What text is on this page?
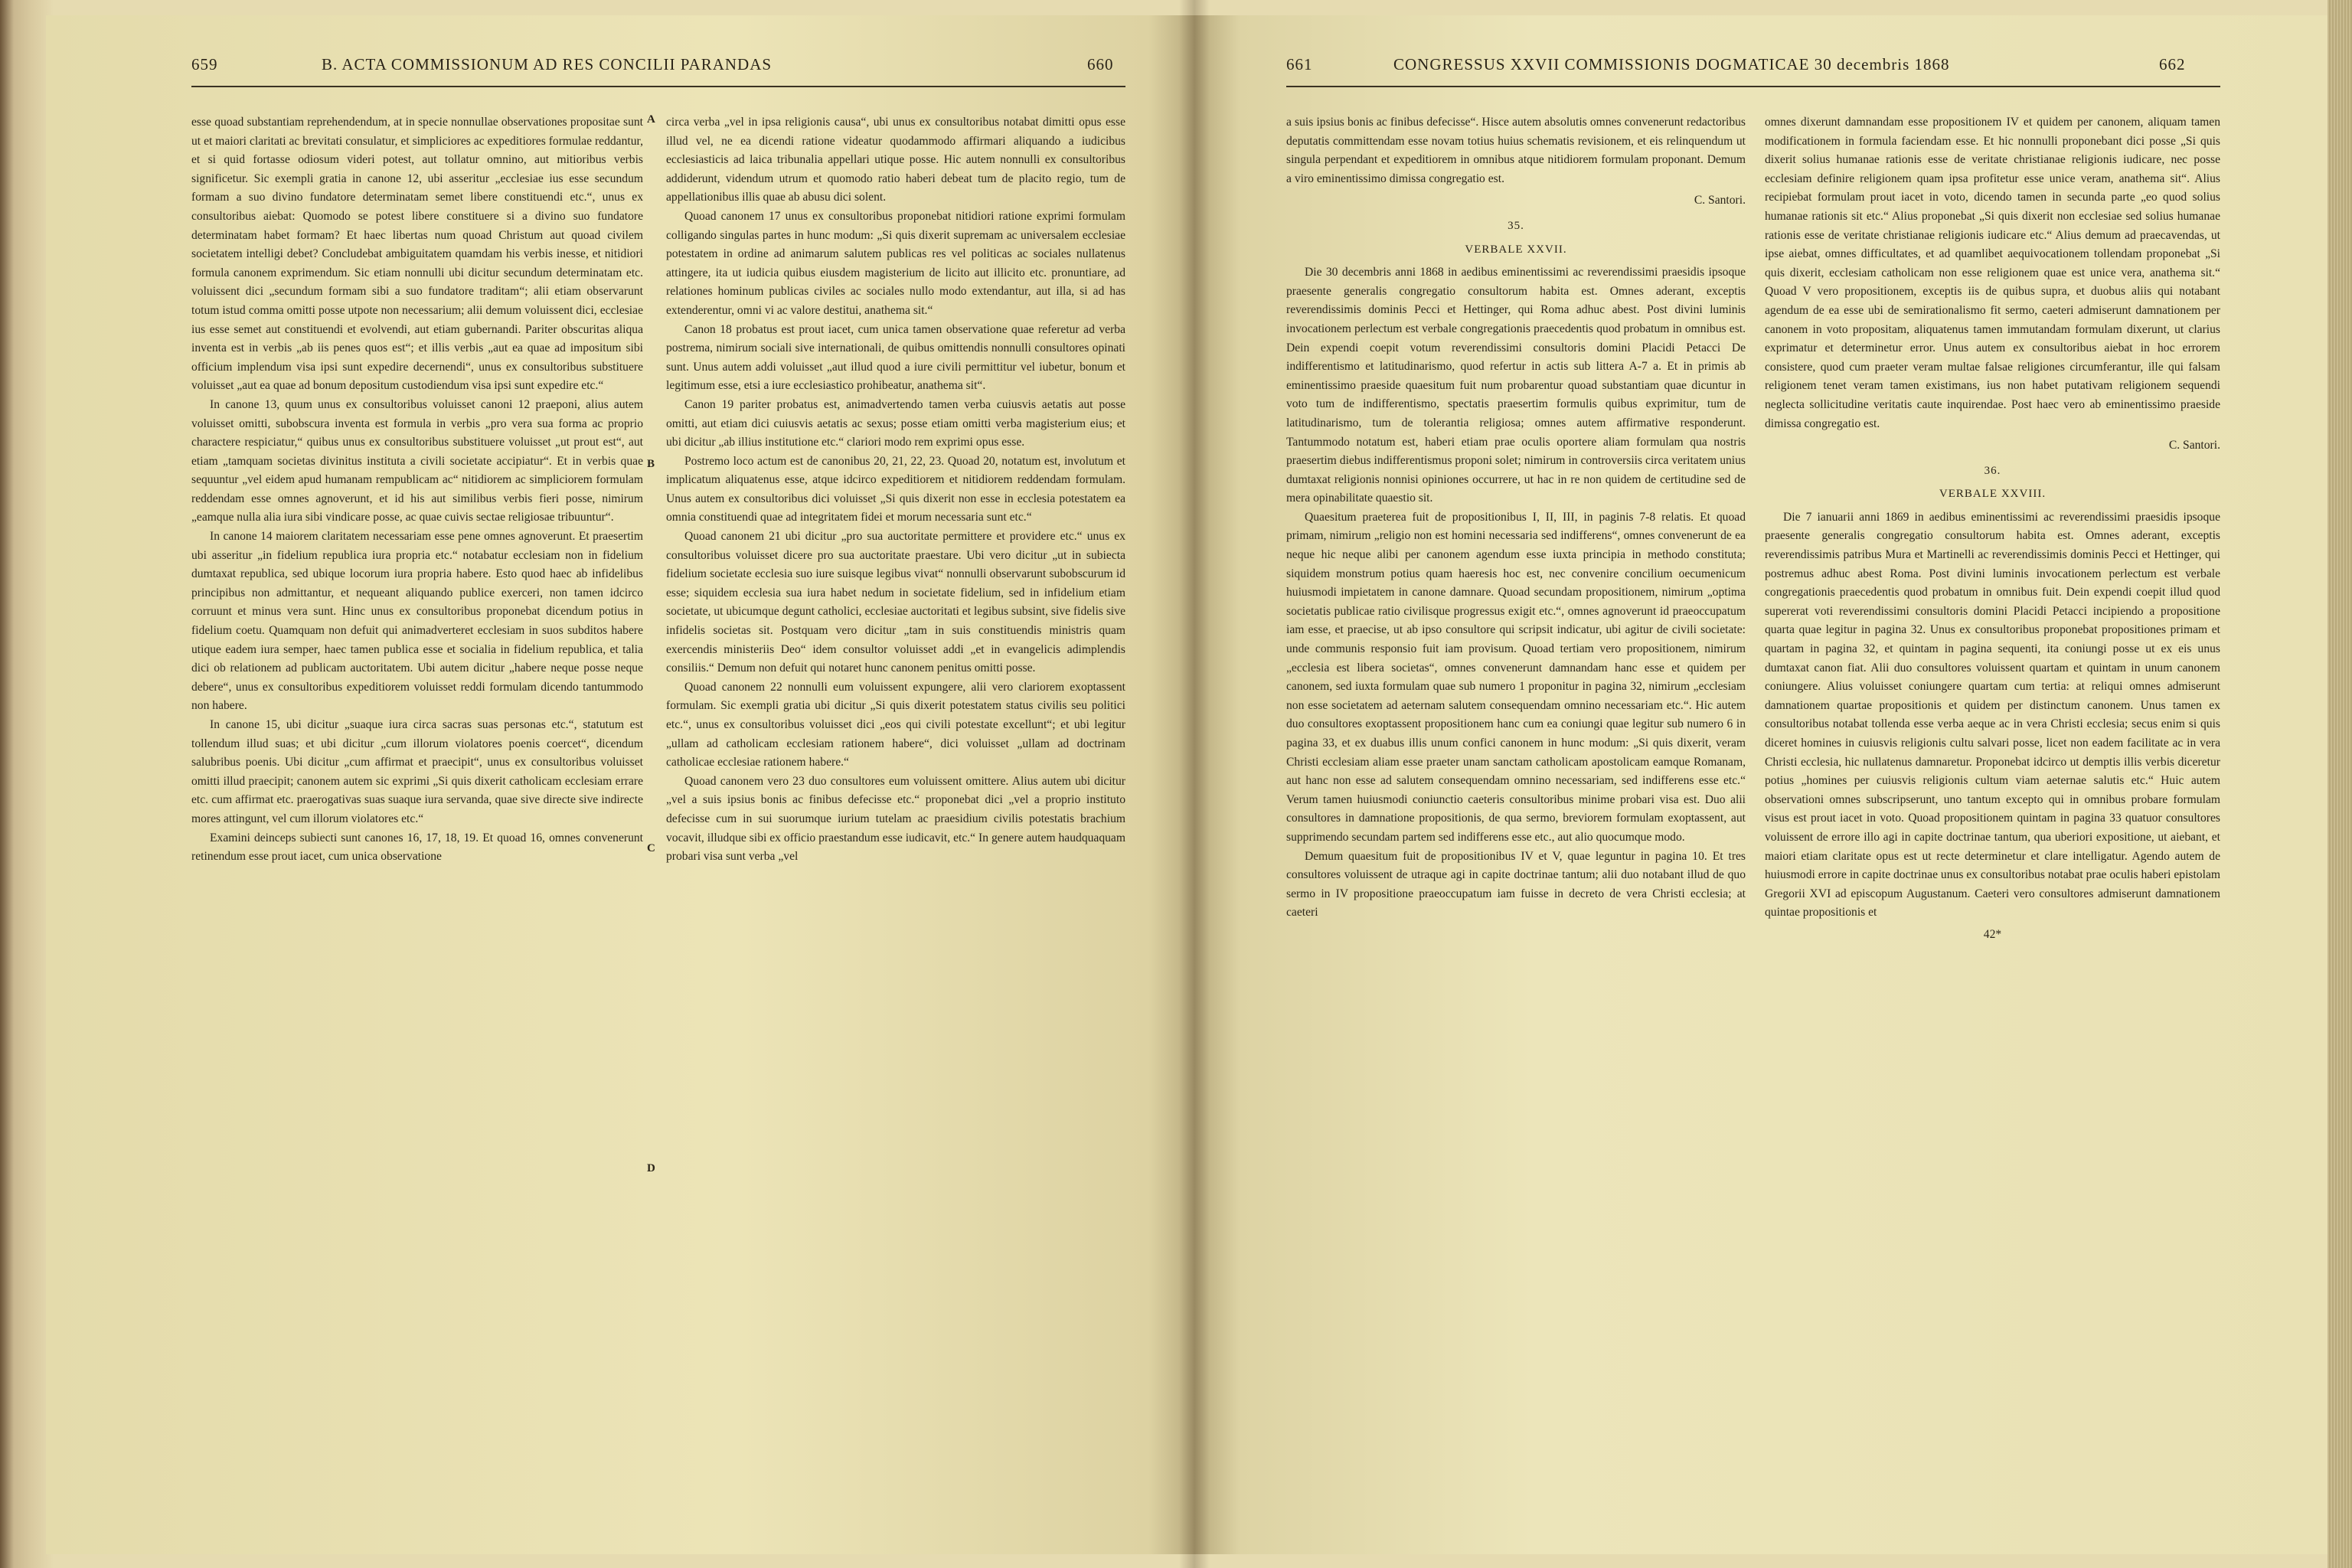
659	B. ACTA COMMISSIONUM AD RES CONCILII PARANDAS	660

esse quoad substantiam reprehendendum, at in specie nonnullae observationes propositae sunt ut et maiori claritati ac brevitati consulatur, et simpliciores ac expeditiores formulae reddantur, et si quid fortasse odiosum videri potest, aut tollatur omnino, aut mitioribus verbis significetur. Sic exempli gratia in canone 12, ubi asseritur „ecclesiae ius esse secundum formam a suo divino fundatore determinatam semet libere constituendi etc.“, unus ex consultoribus aiebat: Quomodo se potest libere constituere si a divino suo fundatore determinatam habet formam? Et haec libertas num quoad Christum aut quoad civilem societatem intelligi debet? Concludebat ambiguitatem quamdam his verbis inesse, et nitidiori formula canonem exprimendum. Sic etiam nonnulli ubi dicitur secundum determinatam etc. voluissent dici „secundum formam sibi a suo fundatore traditam“; alii etiam observarunt totum istud comma omitti posse utpote non necessarium; alii demum voluissent dici, ecclesiae ius esse semet aut constituendi et evolvendi, aut etiam gubernandi. Pariter obscuritas aliqua inventa est in verbis „ab iis penes quos est“; et illis verbis „aut ea quae ad impositum sibi officium implendum visa ipsi sunt expedire decernendi“, unus ex consultoribus substituere voluisset „aut ea quae ad bonum depositum custodiendum visa ipsi sunt expedire etc.“

In canone 13, quum unus ex consultoribus voluisset canoni 12 praeponi, alius autem voluisset omitti, subobscura inventa est formula in verbis „pro vera sua forma ac proprio charactere respiciatur,“ quibus unus ex consultoribus substituere voluisset „ut prout est“, aut etiam „tamquam societas divinitus instituta a civili societate accipiatur“. Et in verbis quae sequuntur „vel eidem apud humanam rempublicam ac“ nitidiorem ac simpliciorem formulam reddendam esse omnes agnoverunt, et id his aut similibus verbis fieri posse, nimirum „eamque nulla alia iura sibi vindicare posse, ac quae cuivis sectae religiosae tribuuntur“.

In canone 14 maiorem claritatem necessariam esse pene omnes agnoverunt. Et praesertim ubi asseritur „in fidelium republica iura propria etc.“ notabatur ecclesiam non in fidelium dumtaxat republica, sed ubique locorum iura propria habere. Esto quod haec ab infidelibus principibus non admittantur, et nequeant aliquando publice exerceri, non tamen idcirco corruunt et minus vera sunt. Hinc unus ex consultoribus proponebat dicendum potius in fidelium coetu. Quamquam non defuit qui animadverteret ecclesiam in suos subditos habere utique eadem iura semper, haec tamen publica esse et socialia in fidelium republica, et talia dici ob relationem ad publicam auctoritatem. Ubi autem dicitur „habere neque posse neque debere“, unus ex consultoribus expeditiorem voluisset reddi formulam dicendo tantummodo non habere.

In canone 15, ubi dicitur „suaque iura circa sacras suas personas etc.“, statutum est tollendum illud suas; et ubi dicitur „cum illorum violatores poenis coercet“, dicendum salubribus poenis. Ubi dicitur „cum affirmat et praecipit“, unus ex consultoribus voluisset omitti illud praecipit; canonem autem sic exprimi „Si quis dixerit catholicam ecclesiam errare etc. cum affirmat etc. praerogativas suas suaque iura servanda, quae sive directe sive indirecte mores attingunt, vel cum illorum violatores etc.“

Examini deinceps subiecti sunt canones 16, 17, 18, 19. Et quoad 16, omnes convenerunt retinendum esse prout iacet, cum unica observatione

A
B
C
D

circa verba „vel in ipsa religionis causa“, ubi unus ex consultoribus notabat dimitti opus esse illud vel, ne ea dicendi ratione videatur quodammodo affirmari aliquando a iudicibus ecclesiasticis ad laica tribunalia appellari utique posse. Hic autem nonnulli ex consultoribus addiderunt, videndum utrum et quomodo ratio haberi debeat tum de placito regio, tum de appellationibus illis quae ab abusu dici solent.

Quoad canonem 17 unus ex consultoribus proponebat nitidiori ratione exprimi formulam colligando singulas partes in hunc modum: „Si quis dixerit supremam ac universalem ecclesiae potestatem in ordine ad animarum salutem publicas res vel politicas ac sociales nullatenus attingere, ita ut iudicia quibus eiusdem magisterium de licito aut illicito etc. pronuntiare, ad relationes hominum publicas civiles ac sociales nullo modo extendantur, aut illa, si ad has extenderentur, omni vi ac valore destitui, anathema sit.“

Canon 18 probatus est prout iacet, cum unica tamen observatione quae referetur ad verba postrema, nimirum sociali sive internationali, de quibus omittendis nonnulli consultores opinati sunt. Unus autem addi voluisset „aut illud quod a iure civili permittitur vel iubetur, bonum et legitimum esse, etsi a iure ecclesiastico prohibeatur, anathema sit“.

Canon 19 pariter probatus est, animadvertendo tamen verba cuiusvis aetatis aut posse omitti, aut etiam dici cuiusvis aetatis ac sexus; posse etiam omitti verba magisterium eius; et ubi dicitur „ab illius institutione etc.“ clariori modo rem exprimi opus esse.

Postremo loco actum est de canonibus 20, 21, 22, 23. Quoad 20, notatum est, involutum et implicatum aliquatenus esse, atque idcirco expeditiorem et nitidiorem reddendam formulam. Unus autem ex consultoribus dici voluisset „Si quis dixerit non esse in ecclesia potestatem ea omnia constituendi quae ad integritatem fidei et morum necessaria sunt etc.“

Quoad canonem 21 ubi dicitur „pro sua auctoritate permittere et providere etc.“ unus ex consultoribus voluisset dicere pro sua auctoritate praestare. Ubi vero dicitur „ut in subiecta fidelium societate ecclesia suo iure suisque legibus vivat“ nonnulli observarunt subobscurum id esse; siquidem ecclesia sua iura habet nedum in societate fidelium, sed in infidelium etiam societate, ut ubicumque degunt catholici, ecclesiae auctoritati et legibus subsint, sive fidelis sive infidelis societas sit. Postquam vero dicitur „tam in suis constituendis ministris quam exercendis ministeriis Deo“ idem consultor voluisset addi „et in evangelicis adimplendis consiliis.“ Demum non defuit qui notaret hunc canonem penitus omitti posse.

Quoad canonem 22 nonnulli eum voluissent expungere, alii vero clariorem exoptassent formulam. Sic exempli gratia ubi dicitur „Si quis dixerit potestatem status civilis seu politici etc.“, unus ex consultoribus voluisset dici „eos qui civili potestate excellunt“; et ubi legitur „ullam ad catholicam ecclesiam rationem habere“, dici voluisset „ullam ad doctrinam catholicae ecclesiae rationem habere.“

Quoad canonem vero 23 duo consultores eum voluissent omittere. Alius autem ubi dicitur „vel a suis ipsius bonis ac finibus defecisse etc.“ proponebat dici „vel a proprio instituto defecisse cum in sui suorumque iurium tutelam ac praesidium civilis potestatis brachium vocavit, illudque sibi ex officio praestandum esse iudicavit, etc.“ In genere autem haudquaquam probari visa sunt verba „vel

661	CONGRESSUS XXVII COMMISSIONIS DOGMATICAE 30 decembris 1868	662

a suis ipsius bonis ac finibus defecisse“. Hisce autem absolutis omnes convenerunt redactoribus deputatis committendam esse novam totius huius schematis revisionem, et eis relinquendum ut singula perpendant et expeditiorem in omnibus atque nitidiorem formulam proponant. Demum a viro eminentissimo dimissa congregatio est.

C. Santori.
35.
VERBALE XXVII.

Die 30 decembris anni 1868 in aedibus eminentissimi ac reverendissimi praesidis ipsoque praesente generalis congregatio consultorum habita est. Omnes aderant, exceptis reverendissimis dominis Pecci et Hettinger, qui Roma adhuc abest. Post divini luminis invocationem perlectum est verbale congregationis praecedentis quod probatum in omnibus est. Dein expendi coepit votum reverendissimi consultoris domini Placidi Petacci De indifferentismo et latitudinarismo, quod refertur in actis sub littera A-7 a. Et in primis ab eminentissimo praeside quaesitum fuit num probarentur quoad substantiam quae dicuntur in voto tum de indifferentismo, spectatis praesertim formulis quibus exprimitur, tum de latitudinarismo, tum de tolerantia religiosa; omnes autem affirmative responderunt. Tantummodo notatum est, haberi etiam prae oculis oportere aliam formulam qua nostris praesertim diebus indifferentismus proponi solet; nimirum in controversiis circa veritatem unius dumtaxat religionis nonnisi opiniones occurrere, ut hac in re non quidem de certitudine sed de mera opinabilitate quaestio sit.

Quaesitum praeterea fuit de propositionibus I, II, III, in paginis 7-8 relatis. Et quoad primam, nimirum „religio non est homini necessaria sed indifferens“, omnes convenerunt de ea neque hic neque alibi per canonem agendum esse iuxta principia in methodo constituta; siquidem monstrum potius quam haeresis hoc est, nec convenire concilium oecumenicum huiusmodi impietatem in canone damnare. Quoad secundam propositionem, nimirum „optima societatis publicae ratio civilisque progressus exigit etc.“, omnes agnoverunt id praeoccupatum iam esse, et praecise, ut ab ipso consultore qui scripsit indicatur, ubi agitur de civili societate: unde communis responsio fuit iam provisum. Quoad tertiam vero propositionem, nimirum „ecclesia est libera societas“, omnes convenerunt damnandam hanc esse et quidem per canonem, sed iuxta formulam quae sub numero 1 proponitur in pagina 32, nimirum „ecclesiam non esse societatem ad aeternam salutem consequendam omnino necessariam etc.“. Hic autem duo consultores exoptassent propositionem hanc cum ea coniungi quae legitur sub numero 6 in pagina 33, et ex duabus illis unum confici canonem in hunc modum: „Si quis dixerit, veram Christi ecclesiam aliam esse praeter unam sanctam catholicam apostolicam eamque Romanam, aut hanc non esse ad salutem consequendam omnino necessariam, sed indifferens esse etc.“ Verum tamen huiusmodi coniunctio caeteris consultoribus minime probari visa est. Duo alii consultores in damnatione propositionis, de qua sermo, breviorem formulam exoptassent, aut supprimendo secundam partem sed indifferens esse etc., aut alio quocumque modo.

Demum quaesitum fuit de propositionibus IV et V, quae leguntur in pagina 10. Et tres consultores voluissent de utraque agi in capite doctrinae tantum; alii duo notabant illud de quo sermo in IV propositione praeoccupatum iam fuisse in decreto de vera Christi ecclesia; at caeteri

omnes dixerunt damnandam esse propositionem IV et quidem per canonem, aliquam tamen modificationem in formula faciendam esse. Et hic nonnulli proponebant dici posse „Si quis dixerit solius humanae rationis esse de veritate christianae religionis iudicare, nec posse ecclesiam definire religionem quam ipsa profitetur esse unice veram, anathema sit“. Alius recipiebat formulam prout iacet in voto, dicendo tamen in secunda parte „eo quod solius humanae rationis sit etc.“ Alius proponebat „Si quis dixerit non ecclesiae sed solius humanae rationis esse de veritate christianae religionis iudicare etc.“ Alius demum ad praecavendas, ut ipse aiebat, omnes difficultates, et ad quamlibet aequivocationem tollendam proponebat „Si quis dixerit, ecclesiam catholicam non esse religionem quae est unice vera, anathema sit.“ Quoad V vero propositionem, exceptis iis de quibus supra, et duobus aliis qui notabant agendum de ea esse ubi de semirationalismo fit sermo, caeteri admiserunt damnationem per canonem in voto propositam, aliquatenus tamen immutandam formulam dixerunt, ut clarius exprimatur et determinetur error. Unus autem ex consultoribus aiebat in hoc errorem consistere, quod cum praeter veram multae falsae religiones circumferantur, ille qui falsam religionem tenet veram tamen existimans, ius non habet putativam religionem sequendi neglecta sollicitudine veritatis caute inquirendae. Post haec vero ab eminentissimo praeside dimissa congregatio est.

C. Santori.
36.
VERBALE XXVIII.

Die 7 ianuarii anni 1869 in aedibus eminentissimi ac reverendissimi praesidis ipsoque praesente generalis congregatio consultorum habita est. Omnes aderant, exceptis reverendissimis patribus Mura et Martinelli ac reverendissimis dominis Pecci et Hettinger, qui postremus adhuc abest Roma. Post divini luminis invocationem perlectum est verbale congregationis praecedentis quod probatum in omnibus fuit. Dein expendi coepit illud quod supererat voti reverendissimi consultoris domini Placidi Petacci incipiendo a propositione quarta quae legitur in pagina 32. Unus ex consultoribus proponebat propositiones primam et quartam in pagina 32, et quintam in pagina sequenti, ita coniungi posse ut ex eis unus dumtaxat canon fiat. Alii duo consultores voluissent quartam et quintam in unum canonem coniungere. Alius voluisset coniungere quartam cum tertia: at reliqui omnes admiserunt damnationem quartae propositionis et quidem per distinctum canonem. Unus tamen ex consultoribus notabat tollenda esse verba aeque ac in vera Christi ecclesia; secus enim si quis diceret homines in cuiusvis religionis cultu salvari posse, licet non eadem facilitate ac in vera Christi ecclesia, hic nullatenus damnaretur. Proponebat idcirco ut demptis illis verbis diceretur potius „homines per cuiusvis religionis cultum viam aeternae salutis etc.“ Huic autem observationi omnes subscripserunt, uno tantum excepto qui in omnibus probare formulam visus est prout iacet in voto. Quoad propositionem quintam in pagina 33 quatuor consultores voluissent de errore illo agi in capite doctrinae tantum, qua uberiori expositione, ut aiebant, et maiori etiam claritate opus est ut recte determinetur et clare intelligatur. Agendo autem de huiusmodi errore in capite doctrinae unus ex consultoribus notabat prae oculis haberi epistolam Gregorii XVI ad episcopum Augustanum. Caeteri vero consultores admiserunt damnationem quintae propositionis et

42*
